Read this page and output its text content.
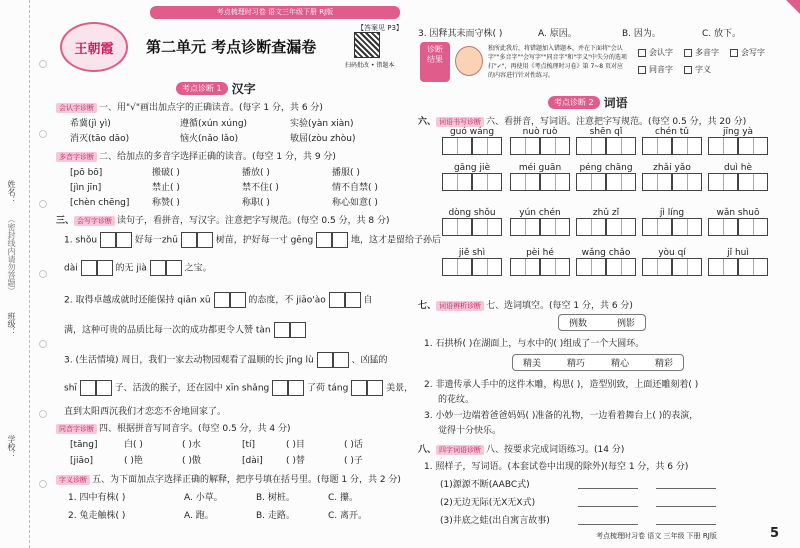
姓名：
（密封线内请勿答题）
班级：
学校：
考点梳理时习卷 语文三年级下册 RJ版
【答案见 P3】
王朝霞 第二单元 考点诊断查漏卷
扫码批改 • 错题本
考点诊断 1 汉字
会认字诊断 一、用"√"画出加点字的正确读音。(每字 1 分，共 6 分)
希冀(jì yì)	遵循(xún xúng)	实验(yàn xiàn)
消灭(tāo dāo)	恼火(nǎo lǎo)	敏屈(zòu zhòu)
多音字诊断 二、给加点的多音字选择正确的读音。(每空 1 分，共 9 分)
[pō bō]	搬破( )	播放( )	播服( )
[jìn jīn]	禁止( )	禁不住( )	情不自禁( )
[chèn chēng]	称赞( )	称职( )	称心如意( )
三、 会写字诊断 读句子，看拼音，写汉字。注意把字写规范。(每空 0.5 分，共 8 分)
1. shǒu	好每一zhū	树苗，护好每一寸 gēng	地，这才是留给子孙后
dài	的无 jià	之宝。
2. 取得卓越成就时还能保持 qiān xū	的态度，不 jiāo'ào	自
满，这种可贵的品质比每一次的成功都更令人赞 tàn
3. (生活情境) 周日，我们一家去动物园观看了温顺的长 jǐng lù	、凶猛的
shī	子、活泼的猴子，还在园中 xīn shǎng	了荷 táng	美景，
直到太阳西沉我们才恋恋不舍地回家了。
同音字诊断 四、根据拼音写同音字。(每空 0.5 分，共 4 分)
[tāng]	白( )	( )水	[tí]	( )目	( )话
[jiāo]	( )艳	( )傲	[dài]	( )替	( )子
字义诊断 五、为下面加点字选择正确的解释，把序号填在括号里。(每题 1 分，共 2 分)
1. 四中有株( )	A. 小草。	B. 树桩。	C. 攥。
2. 兔走触株( )	A. 跑。	B. 走路。	C. 离开。
3. 因释其耒而守株( )	A. 原因。	B. 因为。	C. 放下。
诊断
结果
独所此我后，将错题加入错题本，并在下面将"会认字""多音字""会写字""同音字"和"字义"中失分的选项打"✓"，再使用《考点梳理时习卷》第 7~8 页对应的内容进行针对性练习。
会认字	多音字	会写字
同音字	字义
考点诊断 2 词语
六、 词语书写诊断 六、看拼音，写词语。注意把字写规范。(每空 0.5 分，共 20 分)
guó wáng	nuò ruò	shēn qǐ	chén tǔ	jīng yà
gāng jiè	méi guān	péng chāng	zhǎi yǎo	duì hè
dòng shǒu	yún chén	zhǔ zǐ	jì líng	wǎn shuō
jiě shì	pèi hé	wǎng chǎo	yòu qí	jǐ huì
七、 词语辨析诊断 七、选词填空。(每空 1 分，共 6 分)
例数	例影
1. 石拱桥( )在湖面上，与水中的( )组成了一个大圆环。
精美	精巧	精心	精彩
2. 非遗传承人手中的这件木雕，构思( )，造型别致，上面还雕刻着( )
的花纹。
3. 小妙一边端着爸爸妈妈( )准备的礼物，一边看着舞台上( )的表演，
觉得十分快乐。
八、 四字词语诊断 八、按要求完成词语练习。(14 分)
1. 照样子，写词语。(本套试卷中出现的除外)(每空 1 分，共 6 分)
(1)源源不断(AABC式)
(2)无边无际(无X无X式)
(3)井底之蛙(出自寓言故事)
考点梳理时习卷 语文 三年级 下册 RJ版	5
